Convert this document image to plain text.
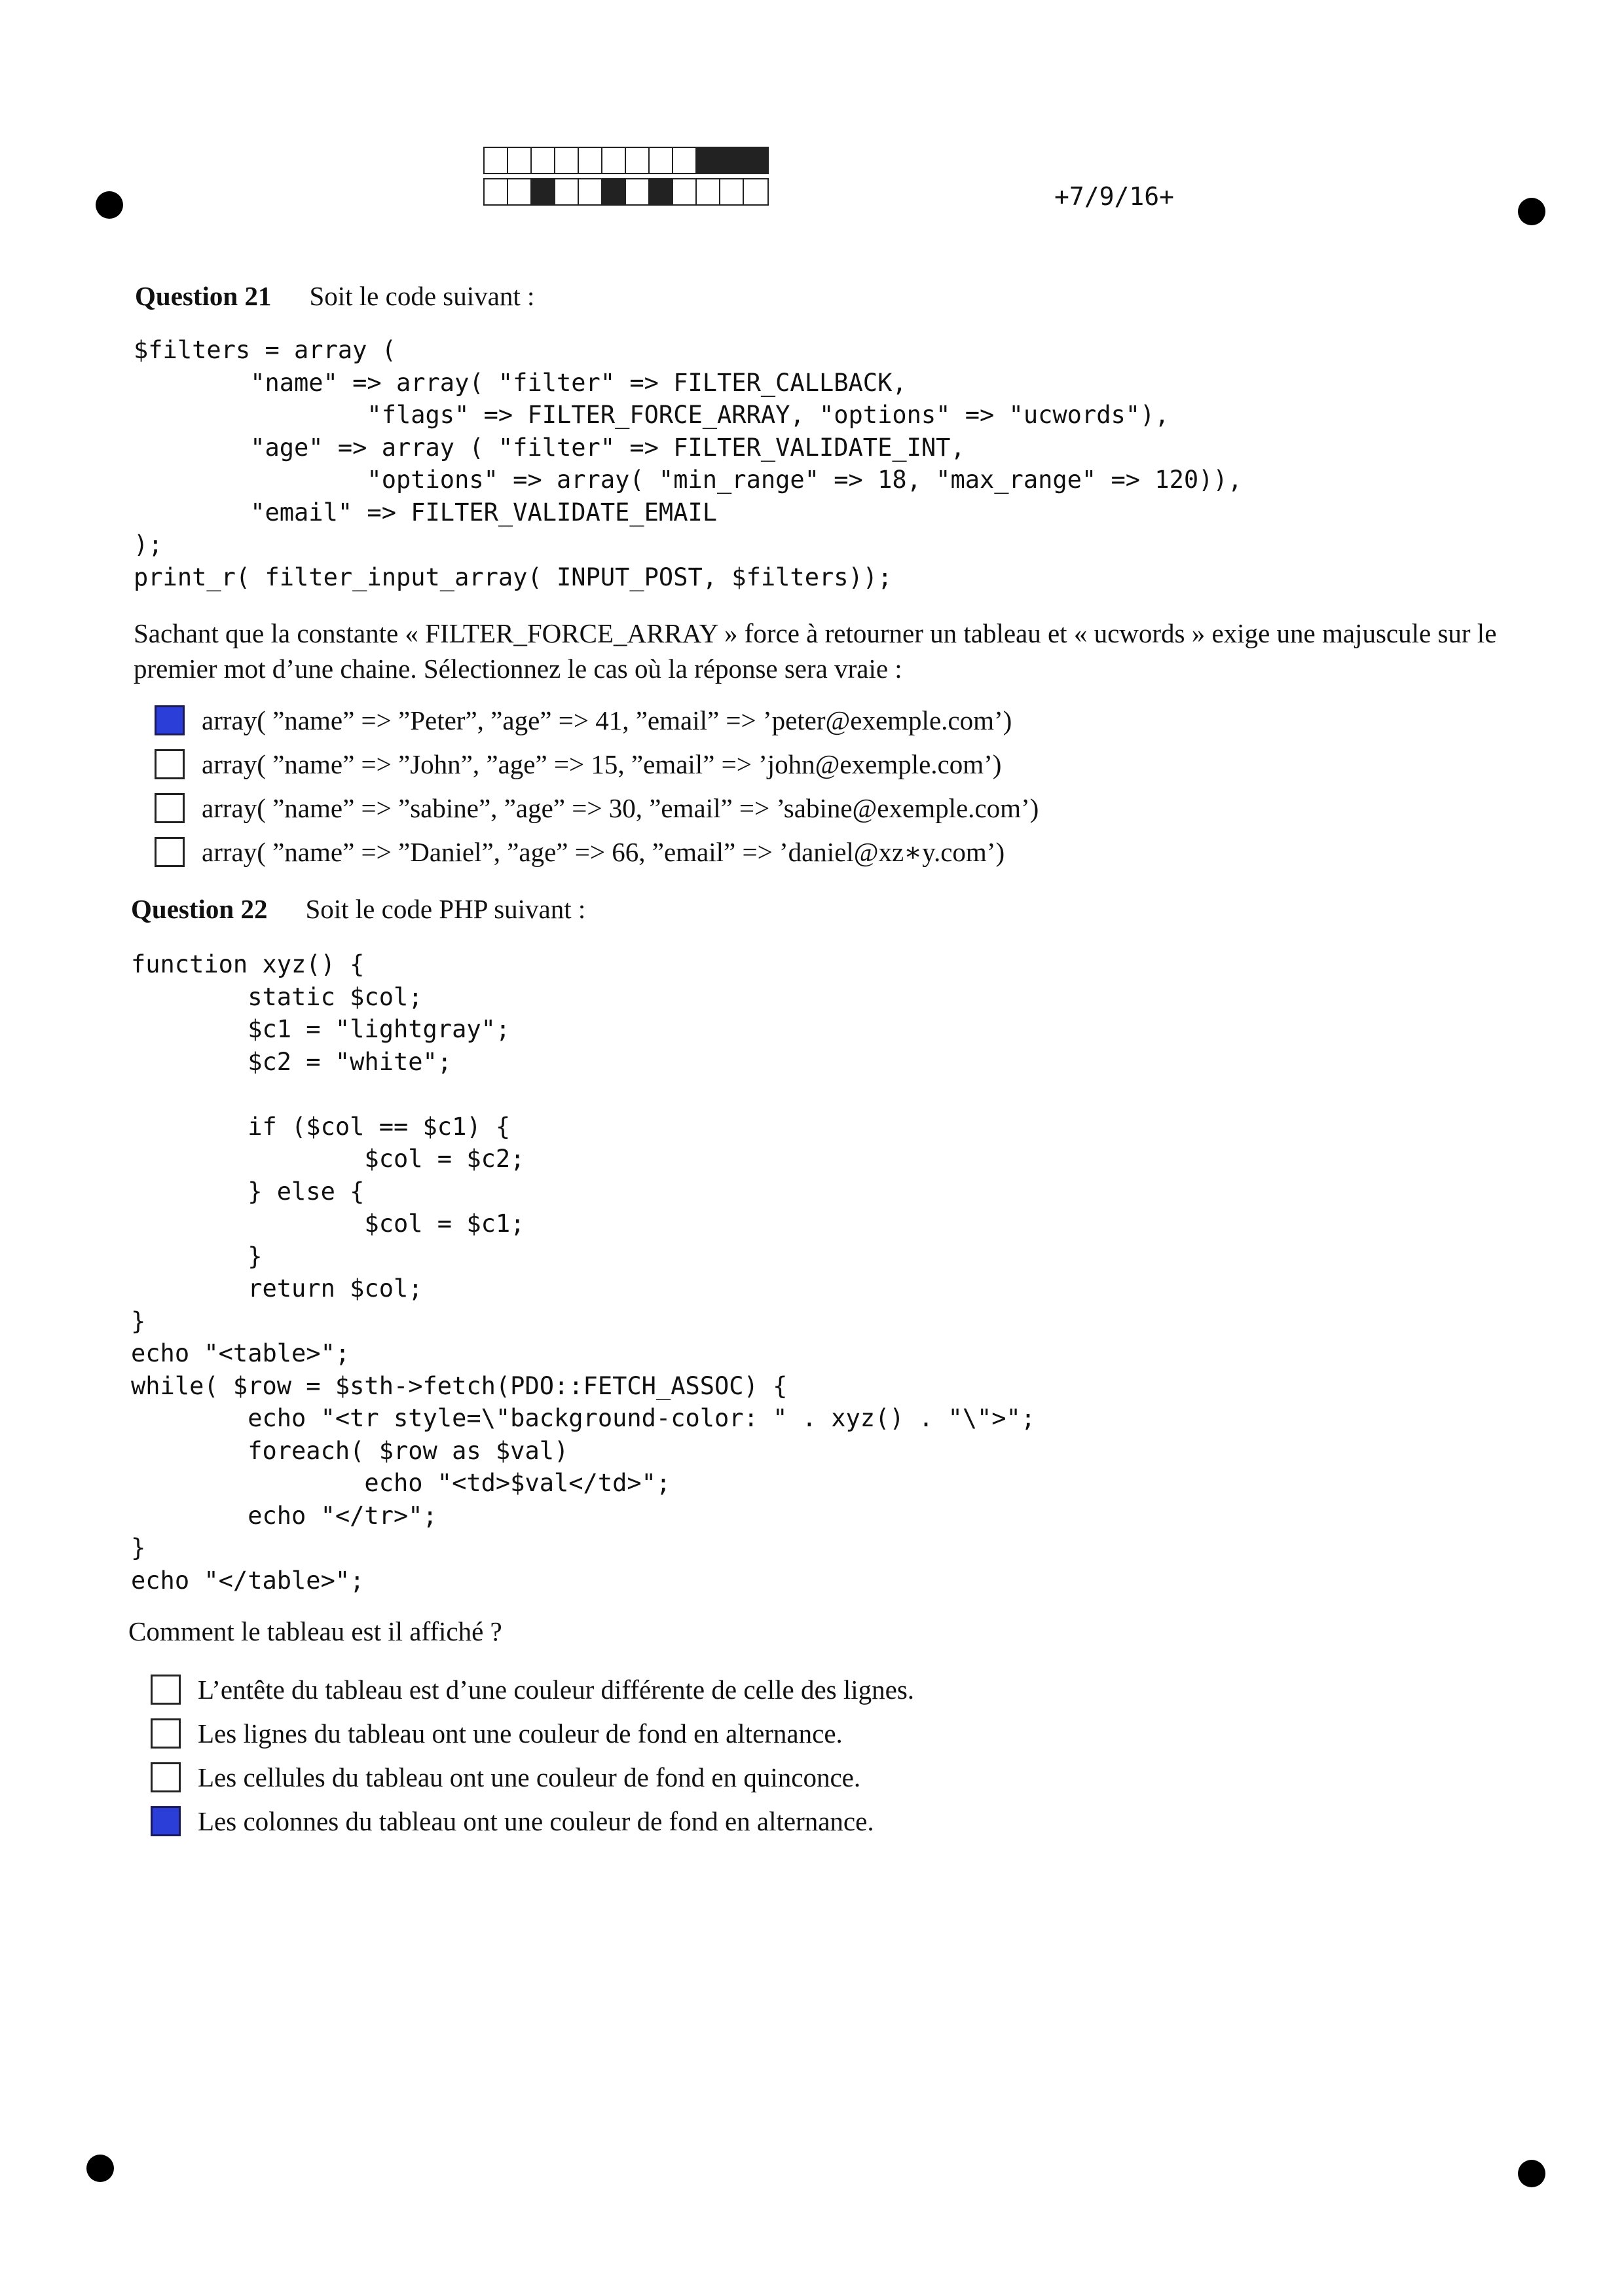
+7/9/16+
Question 21 Soit le code suivant :
$filters = array (
"name" => array( "filter" => FILTER_CALLBACK,
"flags" => FILTER_FORCE_ARRAY, "options" => "ucwords"),
"age" => array ( "filter" => FILTER_VALIDATE_INT,
"options" => array( "min_range" => 18, "max_range" => 120)),
"email" => FILTER_VALIDATE_EMAIL
);
print_r( filter_input_array( INPUT_POST, $filters));
Sachant que la constante « FILTER_FORCE_ARRAY » force à retourner un tableau et « ucwords » exige une majuscule sur le premier mot d’une chaine. Sélectionnez le cas où la réponse sera vraie :
array( ”name” => ”Peter”, ”age” => 41, ”email” => ’peter@exemple.com’)
array( ”name” => ”John”, ”age” => 15, ”email” => ’john@exemple.com’)
array( ”name” => ”sabine”, ”age” => 30, ”email” => ’sabine@exemple.com’)
array( ”name” => ”Daniel”, ”age” => 66, ”email” => ’daniel@xz∗y.com’)
Question 22 Soit le code PHP suivant :
function xyz() {
static $col;
$c1 = "lightgray";
$c2 = "white";

if ($col == $c1) {
$col = $c2;
} else {
$col = $c1;
}
return $col;
}
echo "<table>";
while( $row = $sth->fetch(PDO::FETCH_ASSOC) {
echo "<tr style=\"background-color: " . xyz() . "\">";
foreach( $row as $val)
echo "<td>$val</td>";
echo "</tr>";
}
echo "</table>";
Comment le tableau est il affiché ?
L’entête du tableau est d’une couleur différente de celle des lignes.
Les lignes du tableau ont une couleur de fond en alternance.
Les cellules du tableau ont une couleur de fond en quinconce.
Les colonnes du tableau ont une couleur de fond en alternance.
